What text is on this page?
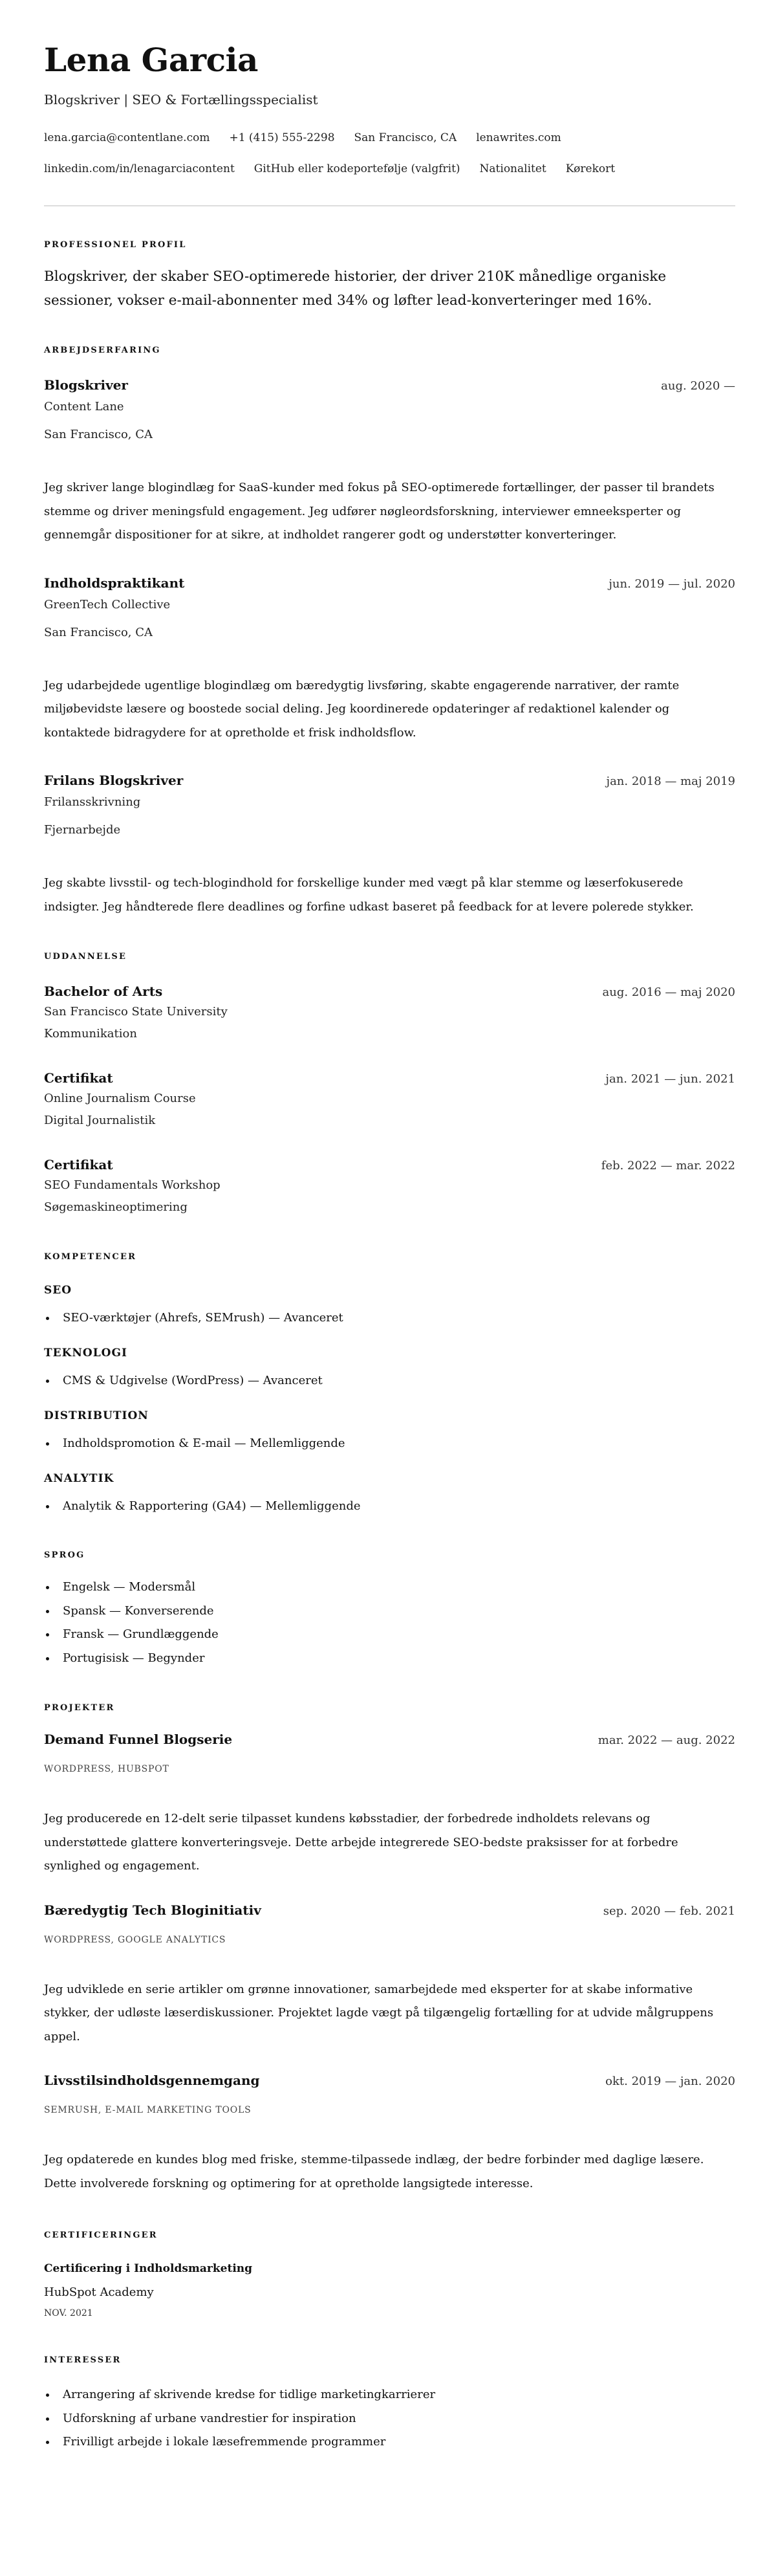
Lena Garcia
Blogskriver | SEO & Fortællingsspecialist
lena.garcia@contentlane.com +1 (415) 555-2298 San Francisco, CA lenawrites.com
linkedin.com/in/lenagarciacontent GitHub eller kodeportefølje (valgfrit) Nationalitet Kørekort
PROFESSIONEL PROFIL

Blogskriver, der skaber SEO-optimerede historier, der driver 210K månedlige organiske sessioner, vokser e-mail-abonnenter med 34% og løfter lead-konverteringer med 16%.

ARBEJDSERFARING
Blogskriver	aug. 2020 —
Content Lane
San Francisco, CA

Jeg skriver lange blogindlæg for SaaS-kunder med fokus på SEO-optimerede fortællinger, der passer til brandets stemme og driver meningsfuld engagement. Jeg udfører nøgleordsforskning, interviewer emneeksperter og gennemgår dispositioner for at sikre, at indholdet rangerer godt og understøtter konverteringer.

Indholdspraktikant	jun. 2019 — jul. 2020
GreenTech Collective
San Francisco, CA

Jeg udarbejdede ugentlige blogindlæg om bæredygtig livsføring, skabte engagerende narrativer, der ramte miljøbevidste læsere og boostede social deling. Jeg koordinerede opdateringer af redaktionel kalender og kontaktede bidragydere for at opretholde et frisk indholdsflow.

Frilans Blogskriver	jan. 2018 — maj 2019
Frilansskrivning
Fjernarbejde

Jeg skabte livsstil- og tech-blogindhold for forskellige kunder med vægt på klar stemme og læserfokuserede indsigter. Jeg håndterede flere deadlines og forfine udkast baseret på feedback for at levere polerede stykker.

UDDANNELSE
Bachelor of Arts	aug. 2016 — maj 2020
San Francisco State University
Kommunikation
Certifikat	jan. 2021 — jun. 2021
Online Journalism Course
Digital Journalistik
Certifikat	feb. 2022 — mar. 2022
SEO Fundamentals Workshop
Søgemaskineoptimering
KOMPETENCER
SEO
SEO-værktøjer (Ahrefs, SEMrush) — Avanceret
TEKNOLOGI
CMS & Udgivelse (WordPress) — Avanceret
DISTRIBUTION
Indholdspromotion & E-mail — Mellemliggende
ANALYTIK
Analytik & Rapportering (GA4) — Mellemliggende
SPROG
Engelsk — Modersmål
Spansk — Konverserende
Fransk — Grundlæggende
Portugisisk — Begynder
PROJEKTER
Demand Funnel Blogserie	mar. 2022 — aug. 2022
WORDPRESS, HUBSPOT

Jeg producerede en 12-delt serie tilpasset kundens købsstadier, der forbedrede indholdets relevans og understøttede glattere konverteringsveje. Dette arbejde integrerede SEO-bedste praksisser for at forbedre synlighed og engagement.

Bæredygtig Tech Bloginitiativ	sep. 2020 — feb. 2021
WORDPRESS, GOOGLE ANALYTICS

Jeg udviklede en serie artikler om grønne innovationer, samarbejdede med eksperter for at skabe informative stykker, der udløste læserdiskussioner. Projektet lagde vægt på tilgængelig fortælling for at udvide målgruppens appel.

Livsstilsindholdsgennemgang	okt. 2019 — jan. 2020
SEMRUSH, E-MAIL MARKETING TOOLS

Jeg opdaterede en kundes blog med friske, stemme-tilpassede indlæg, der bedre forbinder med daglige læsere. Dette involverede forskning og optimering for at opretholde langsigtede interesse.

CERTIFICERINGER
Certificering i Indholdsmarketing
HubSpot Academy
NOV. 2021
INTERESSER
Arrangering af skrivende kredse for tidlige marketingkarrierer
Udforskning af urbane vandrestier for inspiration
Frivilligt arbejde i lokale læsefremmende programmer
